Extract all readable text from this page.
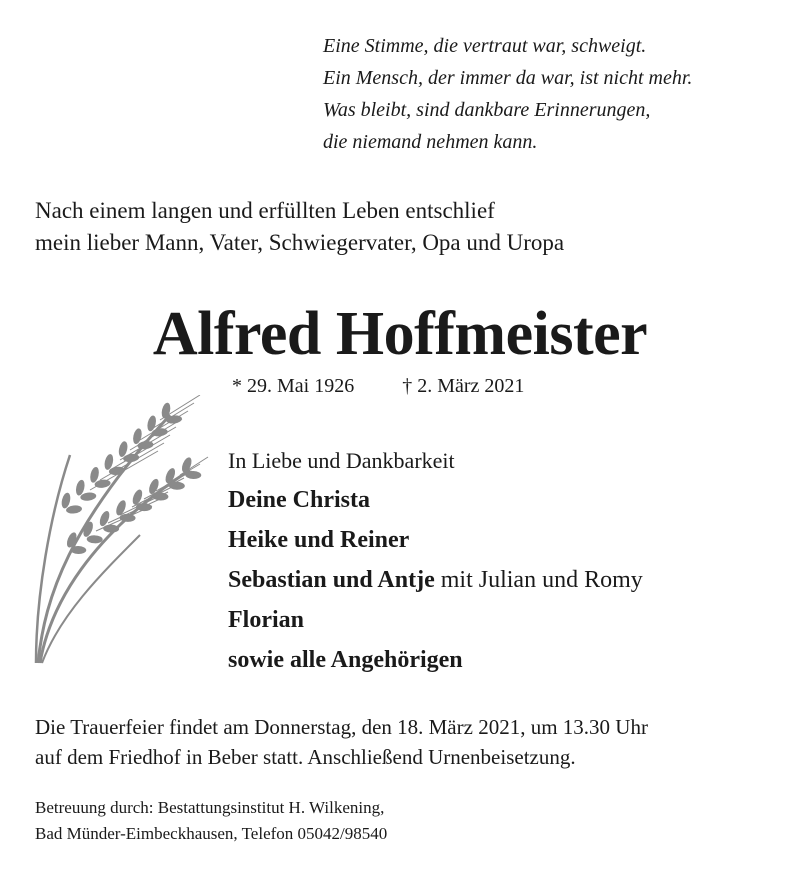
Eine Stimme, die vertraut war, schweigt.
Ein Mensch, der immer da war, ist nicht mehr.
Was bleibt, sind dankbare Erinnerungen,
die niemand nehmen kann.
Nach einem langen und erfüllten Leben entschlief
mein lieber Mann, Vater, Schwiegervater, Opa und Uropa
Alfred Hoffmeister
* 29. Mai 1926 † 2. März 2021
In Liebe und Dankbarkeit
Deine Christa
Heike und Reiner
Sebastian und Antje mit Julian und Romy
Florian
sowie alle Angehörigen
Die Trauerfeier findet am Donnerstag, den 18. März 2021, um 13.30 Uhr
auf dem Friedhof in Beber statt. Anschließend Urnenbeisetzung.
Betreuung durch: Bestattungsinstitut H. Wilkening,
Bad Münder-Eimbeckhausen, Telefon 05042/98540
